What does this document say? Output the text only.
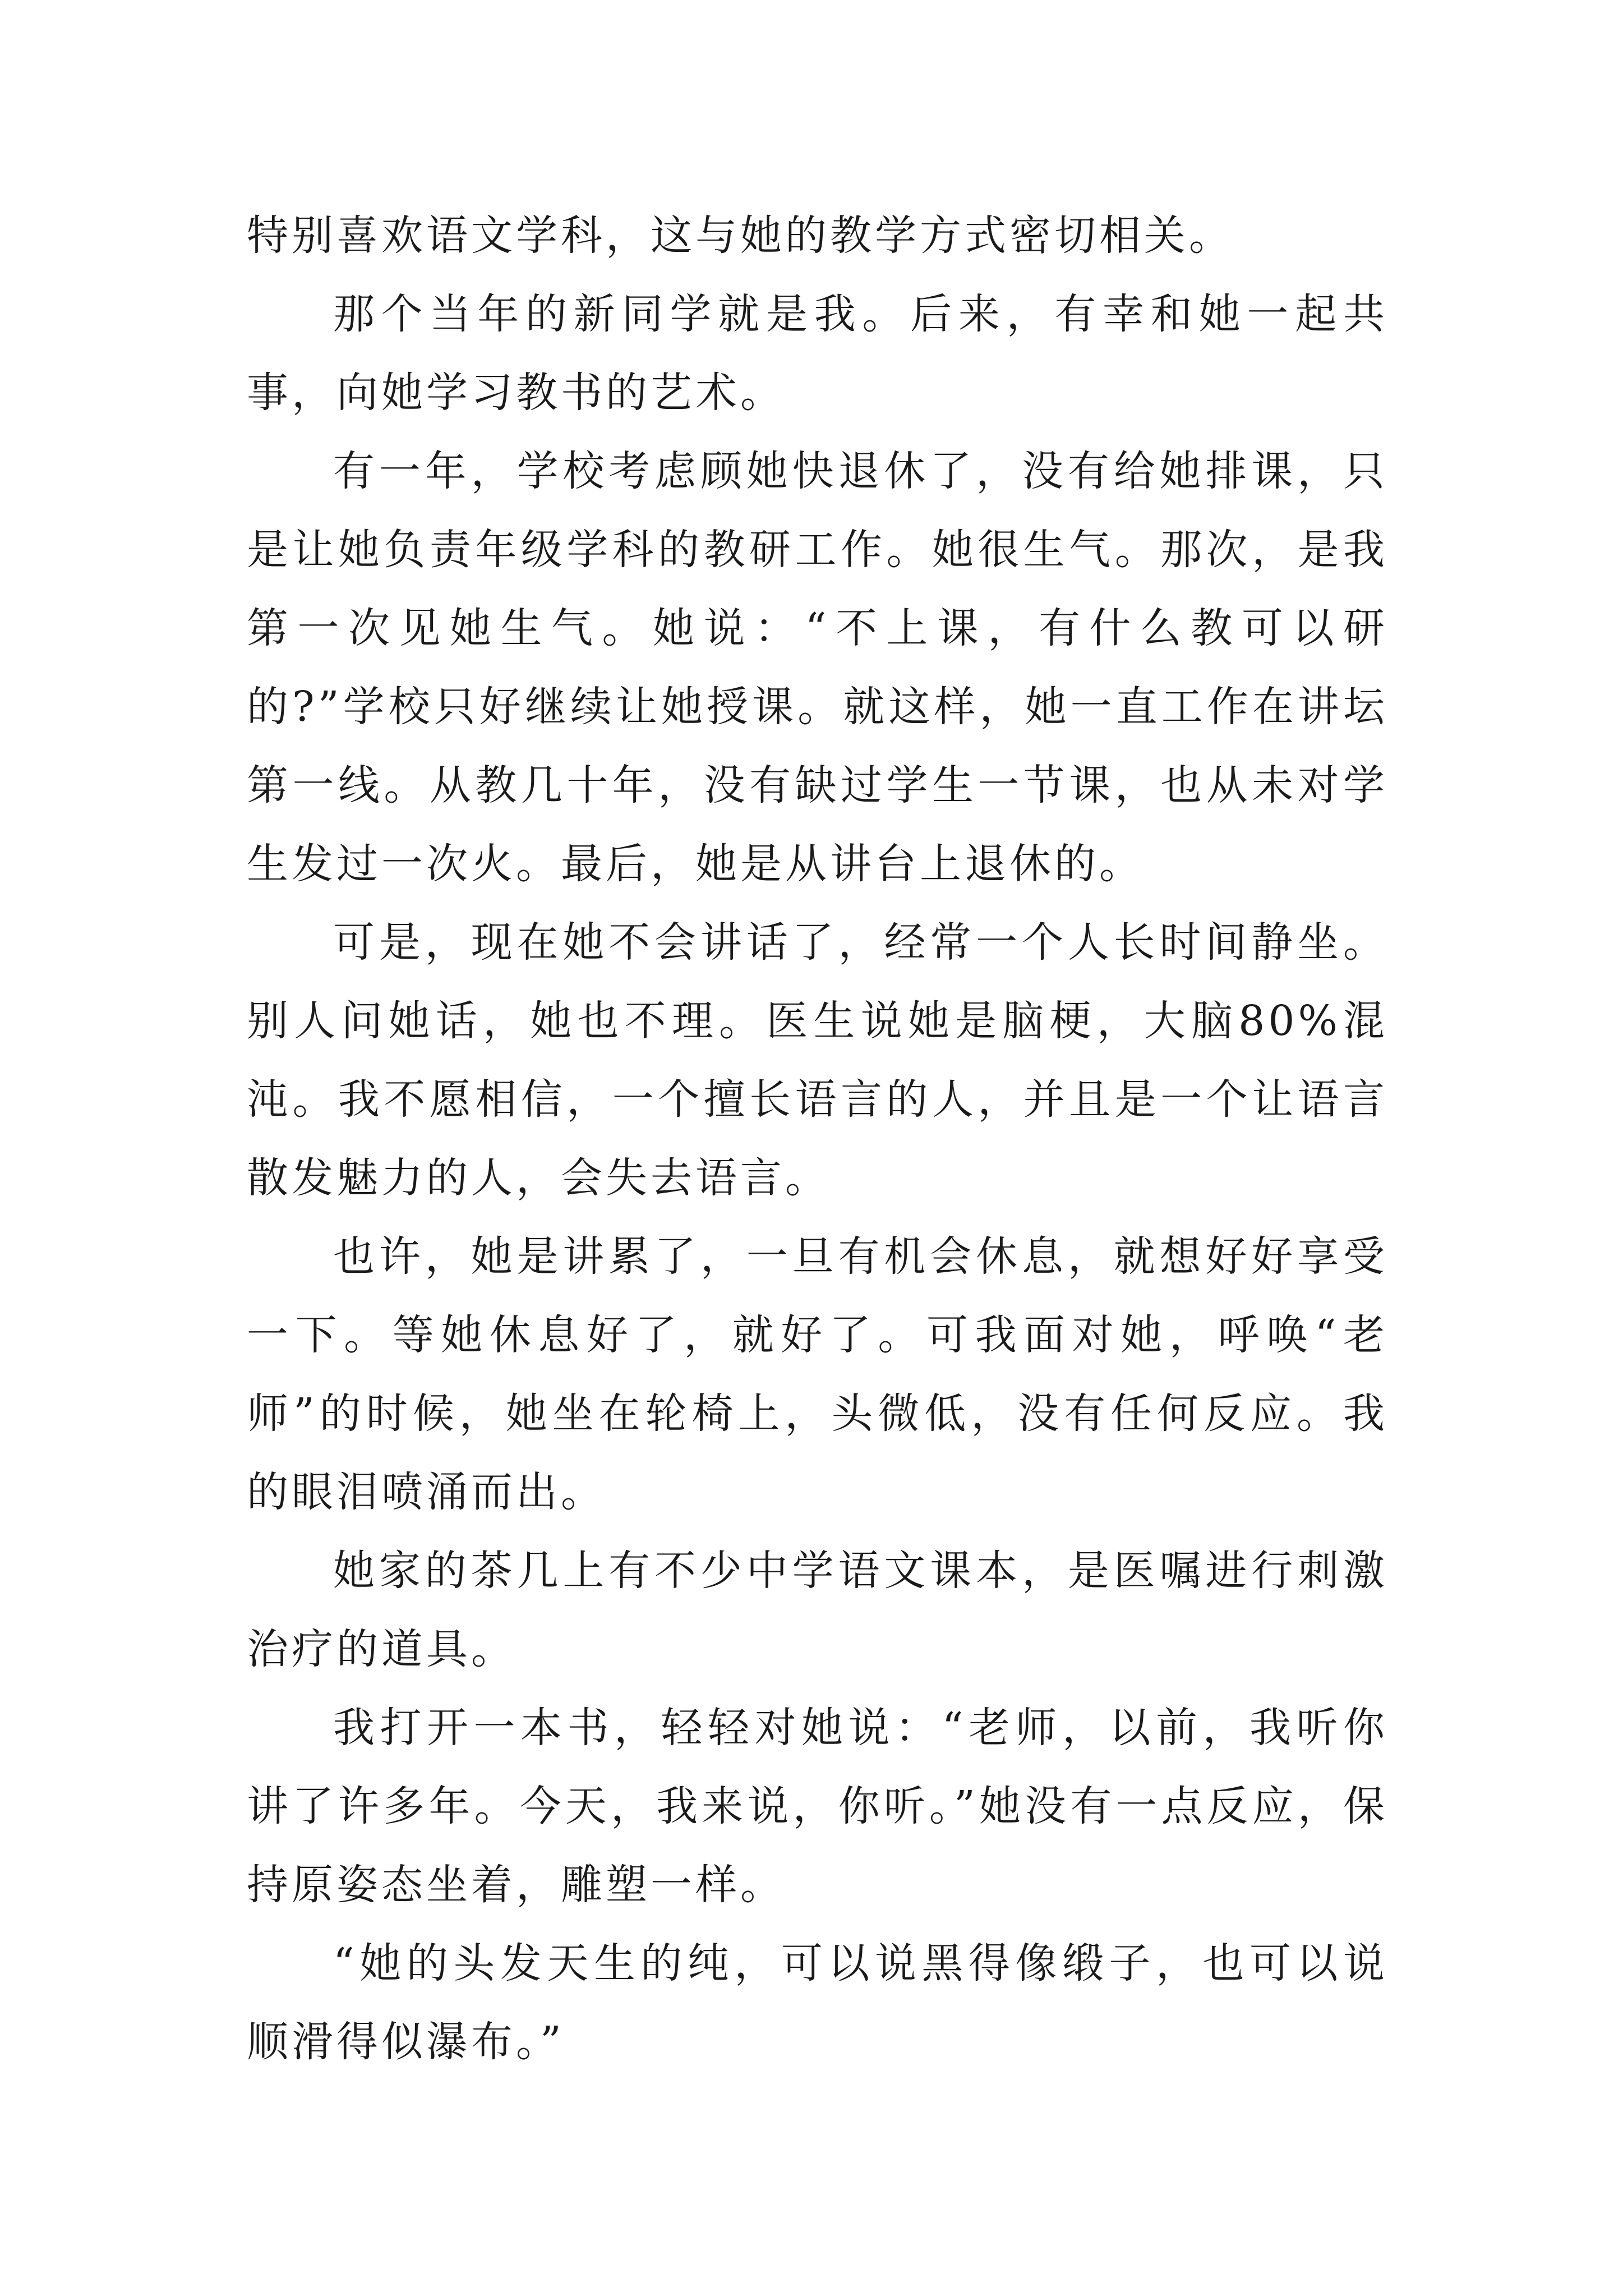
特别喜欢语文学科，这与她的教学方式密切相关。

那个当年的新同学就是我。后来，有幸和她一起共事，向她学习教书的艺术。

有一年，学校考虑顾她快退休了，没有给她排课，只是让她负责年级学科的教研工作。她很生气。那次，是我第一次见她生气。她说：“不上课，有什么教可以研的?”学校只好继续让她授课。就这样，她一直工作在讲坛第一线。从教几十年，没有缺过学生一节课，也从未对学生发过一次火。最后，她是从讲台上退休的。

可是，现在她不会讲话了，经常一个人长时间静坐。别人问她话，她也不理。医生说她是脑梗，大脑80%混沌。我不愿相信，一个擅长语言的人，并且是一个让语言散发魅力的人，会失去语言。

也许，她是讲累了，一旦有机会休息，就想好好享受一下。等她休息好了，就好了。可我面对她，呼唤“老师”的时候，她坐在轮椅上，头微低，没有任何反应。我的眼泪喷涌而出。

她家的茶几上有不少中学语文课本，是医嘱进行刺激治疗的道具。

我打开一本书，轻轻对她说：“老师，以前，我听你讲了许多年。今天，我来说，你听。”她没有一点反应，保持原姿态坐着，雕塑一样。

“她的头发天生的纯，可以说黑得像缎子，也可以说顺滑得似瀑布。”
